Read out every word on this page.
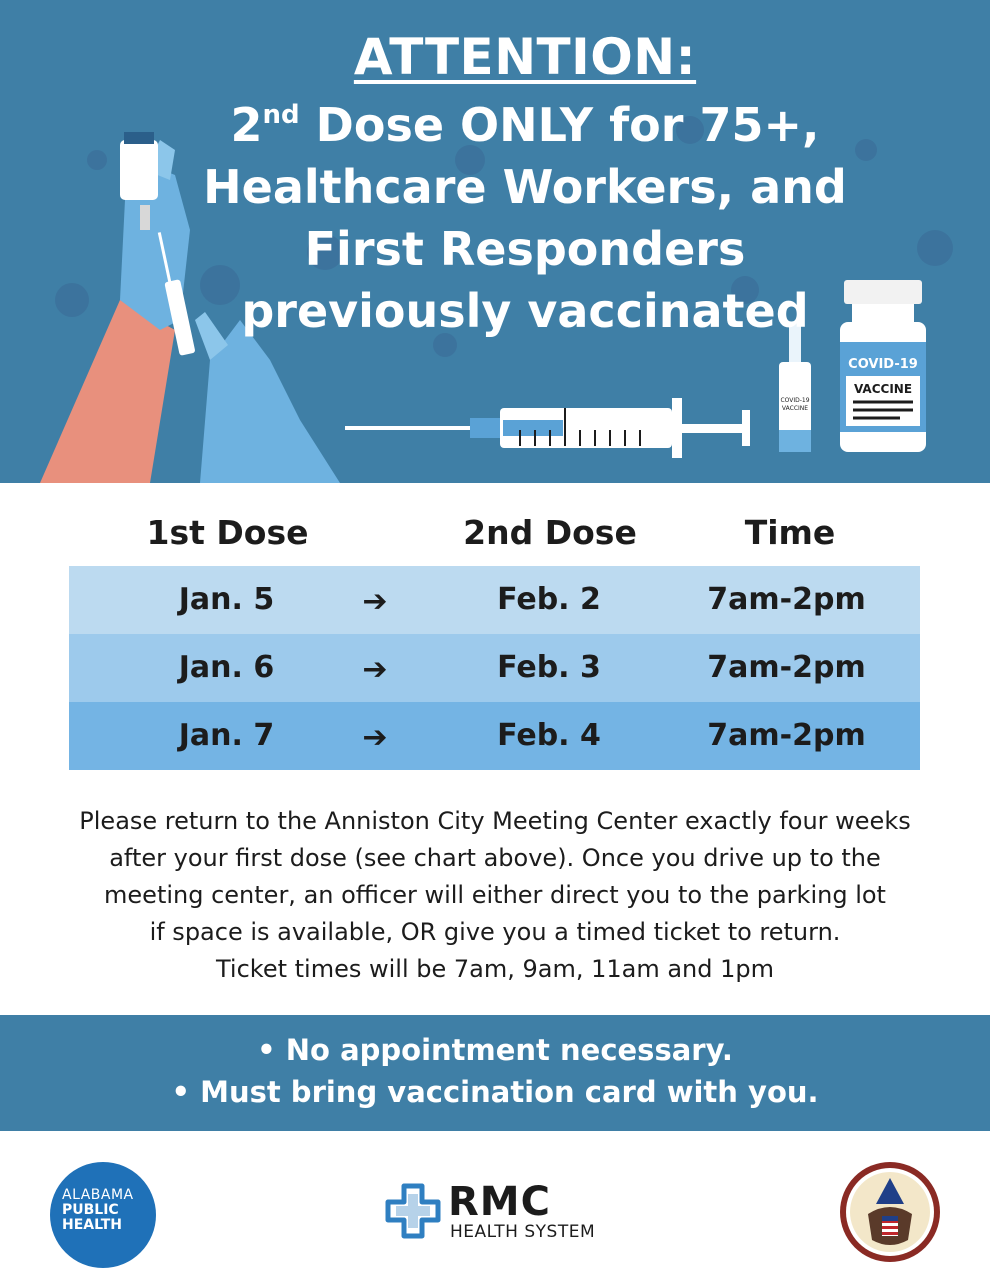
COVID-19
VACCINE
COVID-19
VACCINE
ATTENTION:
2nd Dose ONLY for 75+,
Healthcare Workers, and
First Responders
previously vaccinated
1st Dose	2nd Dose	Time
Jan. 5	➔	Feb. 2	7am-2pm
Jan. 6	➔	Feb. 3	7am-2pm
Jan. 7	➔	Feb. 4	7am-2pm
Please return to the Anniston City Meeting Center exactly four weeks
after your first dose (see chart above). Once you drive up to the
meeting center, an officer will either direct you to the parking lot
if space is available, OR give you a timed ticket to return.
Ticket times will be 7am, 9am, 11am and 1pm
• No appointment necessary.
• Must bring vaccination card with you.
ALABAMA
PUBLIC
HEALTH	RMC
HEALTH SYSTEM
